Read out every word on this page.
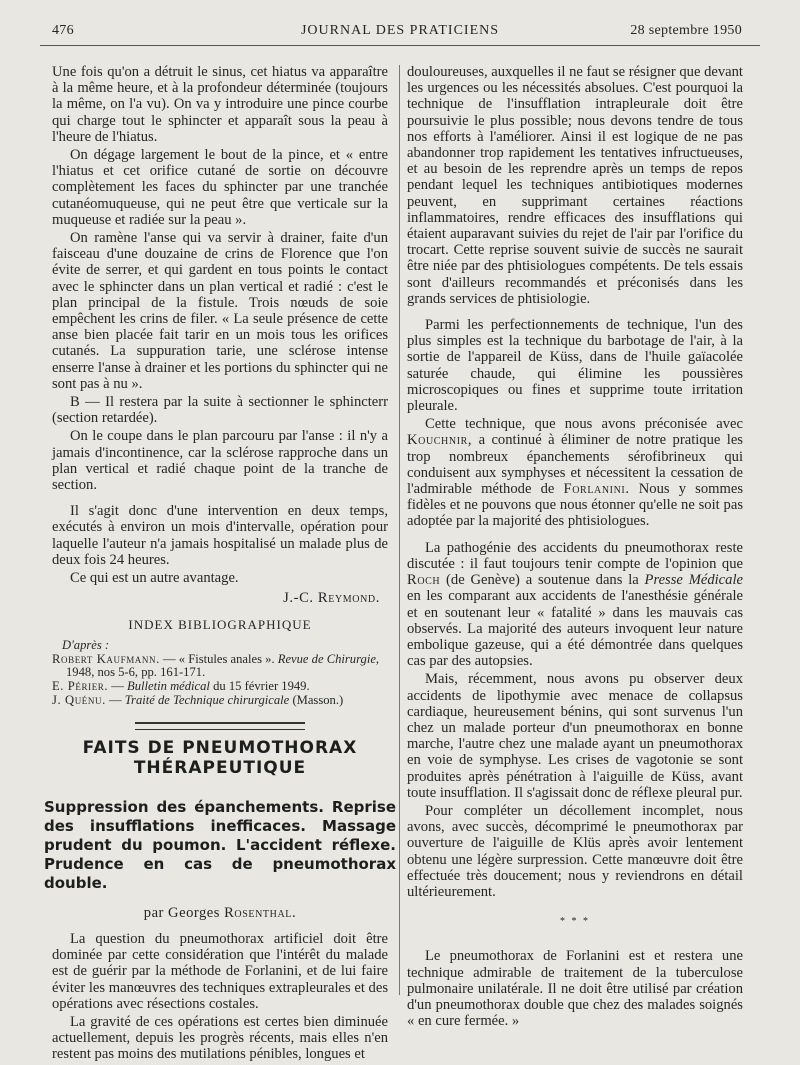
476	JOURNAL DES PRATICIENS	28 septembre 1950

Une fois qu'on a détruit le sinus, cet hiatus va apparaître à la même heure, et à la profondeur déterminée (toujours la même, on l'a vu). On va y introduire une pince courbe qui charge tout le sphincter et apparaît sous la peau à l'heure de l'hiatus.

On dégage largement le bout de la pince, et « entre l'hiatus et cet orifice cutané de sortie on découvre complètement les faces du sphincter par une tranchée cutanéomuqueuse, qui ne peut être que verticale sur la muqueuse et radiée sur la peau ».

On ramène l'anse qui va servir à drainer, faite d'un faisceau d'une douzaine de crins de Florence que l'on évite de serrer, et qui gardent en tous points le contact avec le sphincter dans un plan vertical et radié : c'est le plan principal de la fistule. Trois nœuds de soie empêchent les crins de filer. « La seule présence de cette anse bien placée fait tarir en un mois tous les orifices cutanés. La suppuration tarie, une sclérose intense enserre l'anse à drainer et les portions du sphincter qui ne sont pas à nu ».

B — Il restera par la suite à sectionner le sphincterr (section retardée).

On le coupe dans le plan parcouru par l'anse : il n'y a jamais d'incontinence, car la sclérose rapproche dans un plan vertical et radié chaque point de la tranche de section.

Il s'agit donc d'une intervention en deux temps, exécutés à environ un mois d'intervalle, opération pour laquelle l'auteur n'a jamais hospitalisé un malade plus de deux fois 24 heures.

Ce qui est un autre avantage.

J.-C. Reymond.
INDEX BIBLIOGRAPHIQUE
D'après :
Robert Kaufmann. — « Fistules anales ». Revue de Chirurgie,
1948, nos 5-6, pp. 161-171.
E. Périer. — Bulletin médical du 15 février 1949.
J. Quénu. — Traité de Technique chirurgicale (Masson.)
FAITS DE PNEUMOTHORAX
THÉRAPEUTIQUE
Suppression des épanchements. Reprise des insufflations inefficaces. Massage prudent du poumon. L'accident réflexe. Prudence en cas de pneumothorax double.
par Georges Rosenthal.

La question du pneumothorax artificiel doit être dominée par cette considération que l'intérêt du malade est de guérir par la méthode de Forlanini, et de lui faire éviter les manœuvres des techniques extrapleurales et des opérations avec résections costales.

La gravité de ces opérations est certes bien diminuée actuellement, depuis les progrès récents, mais elles n'en restent pas moins des mutilations pénibles, longues et

douloureuses, auxquelles il ne faut se résigner que devant les urgences ou les nécessités absolues. C'est pourquoi la technique de l'insufflation intrapleurale doit être poursuivie le plus possible; nous devons tendre de tous nos efforts à l'améliorer. Ainsi il est logique de ne pas abandonner trop rapidement les tentatives infructueuses, et au besoin de les reprendre après un temps de repos pendant lequel les techniques antibiotiques modernes peuvent, en supprimant certaines réactions inflammatoires, rendre efficaces des insufflations qui étaient auparavant suivies du rejet de l'air par l'orifice du trocart. Cette reprise souvent suivie de succès ne saurait être niée par des phtisiologues compétents. De tels essais sont d'ailleurs recommandés et préconisés dans les grands services de phtisiologie.

Parmi les perfectionnements de technique, l'un des plus simples est la technique du barbotage de l'air, à la sortie de l'appareil de Küss, dans de l'huile gaïacolée saturée chaude, qui élimine les poussières microscopiques ou fines et supprime toute irritation pleurale.

Cette technique, que nous avons préconisée avec Kouchnir, a continué à éliminer de notre pratique les trop nombreux épanchements sérofibrineux qui conduisent aux symphyses et nécessitent la cessation de l'admirable méthode de Forlanini. Nous y sommes fidèles et ne pouvons que nous étonner qu'elle ne soit pas adoptée par la majorité des phtisiologues.

La pathogénie des accidents du pneumothorax reste discutée : il faut toujours tenir compte de l'opinion que Roch (de Genève) a soutenue dans la Presse Médicale en les comparant aux accidents de l'anesthésie générale et en soutenant leur « fatalité » dans les mauvais cas observés. La majorité des auteurs invoquent leur nature embolique gazeuse, qui a été démontrée dans quelques cas par des autopsies.

Mais, récemment, nous avons pu observer deux accidents de lipothymie avec menace de collapsus cardiaque, heureusement bénins, qui sont survenus l'un chez un malade porteur d'un pneumothorax en bonne marche, l'autre chez une malade ayant un pneumothorax en voie de symphyse. Les crises de vagotonie se sont produites après pénétration à l'aiguille de Küss, avant toute insufflation. Il s'agissait donc de réflexe pleural pur.

Pour compléter un décollement incomplet, nous avons, avec succès, décomprimé le pneumothorax par ouverture de l'aiguille de Klüs après avoir lentement obtenu une légère surpression. Cette manœuvre doit être effectuée très doucement; nous y reviendrons en détail ultérieurement.

* * *

Le pneumothorax de Forlanini est et restera une technique admirable de traitement de la tuberculose pulmonaire unilatérale. Il ne doit être utilisé par création d'un pneumothorax double que chez des malades soignés « en cure fermée. »
